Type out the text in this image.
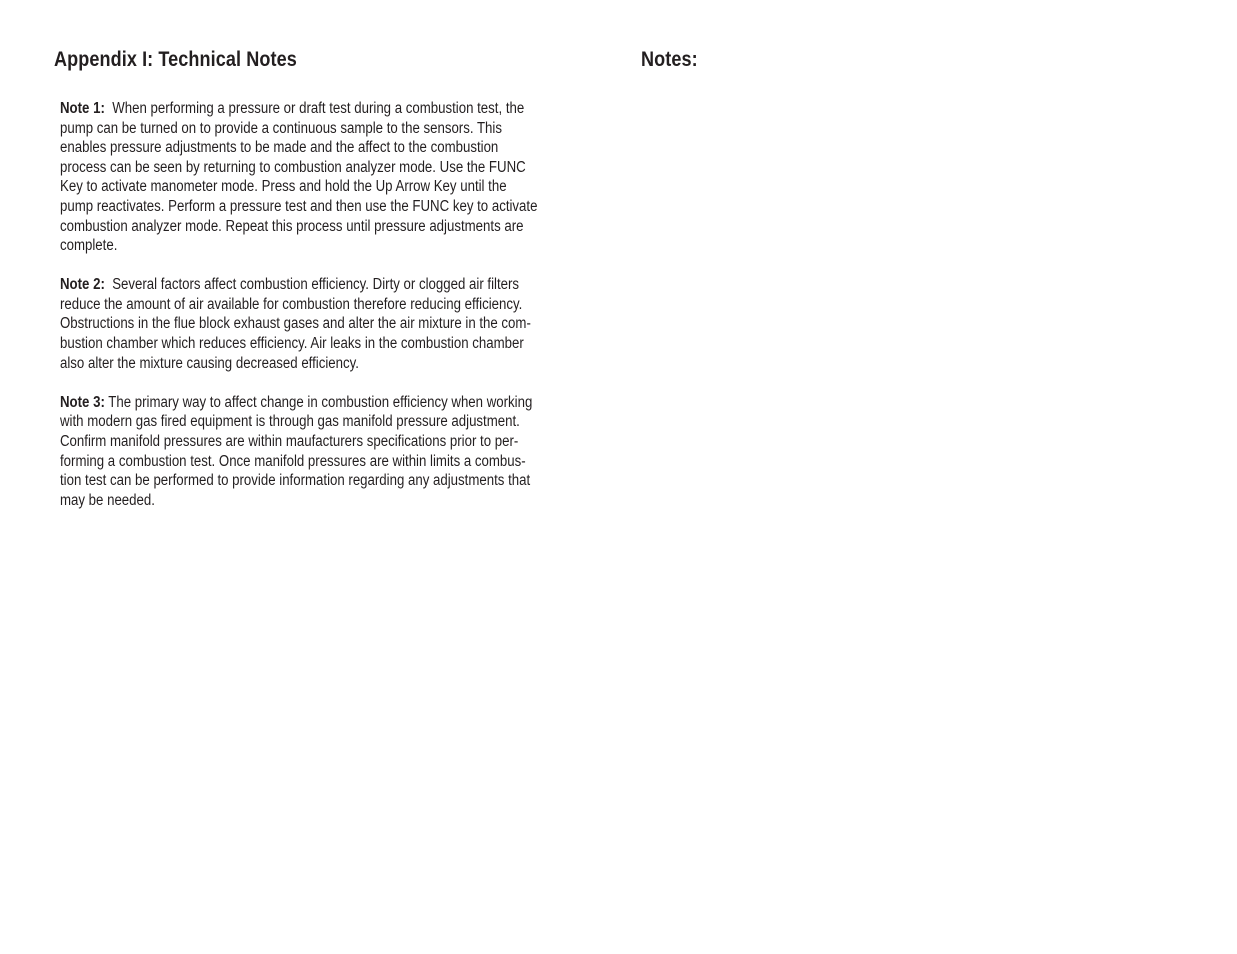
Appendix I: Technical Notes

Note 1:  When performing a pressure or draft test during a combustion test, the
pump can be turned on to provide a continuous sample to the sensors. This
enables pressure adjustments to be made and the affect to the combustion
process can be seen by returning to combustion analyzer mode. Use the FUNC
Key to activate manometer mode. Press and hold the Up Arrow Key until the
pump reactivates. Perform a pressure test and then use the FUNC key to activate
combustion analyzer mode. Repeat this process until pressure adjustments are
complete.

Note 2:  Several factors affect combustion efficiency. Dirty or clogged air filters
reduce the amount of air available for combustion therefore reducing efficiency.
Obstructions in the flue block exhaust gases and alter the air mixture in the com-
bustion chamber which reduces efficiency. Air leaks in the combustion chamber
also alter the mixture causing decreased efficiency.

Note 3: The primary way to affect change in combustion efficiency when working
with modern gas fired equipment is through gas manifold pressure adjustment.
Confirm manifold pressures are within maufacturers specifications prior to per-
forming a combustion test. Once manifold pressures are within limits a combus-
tion test can be performed to provide information regarding any adjustments that
may be needed.

Notes:
